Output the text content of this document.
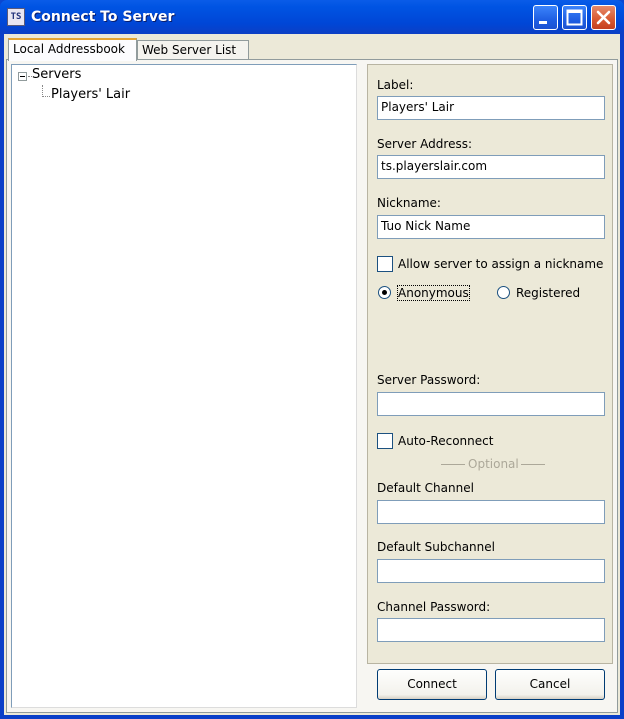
TS Connect To Server
Local Addressbook	Web Server List
Servers
Players' Lair
Label:
Players' Lair
Server Address:
ts.playerslair.com
Nickname:
Tuo Nick Name
Allow server to assign a nickname
Anonymous	Registered
Server Password:
Auto-Reconnect
Optional
Default Channel
Default Subchannel
Channel Password:
Connect	Cancel
